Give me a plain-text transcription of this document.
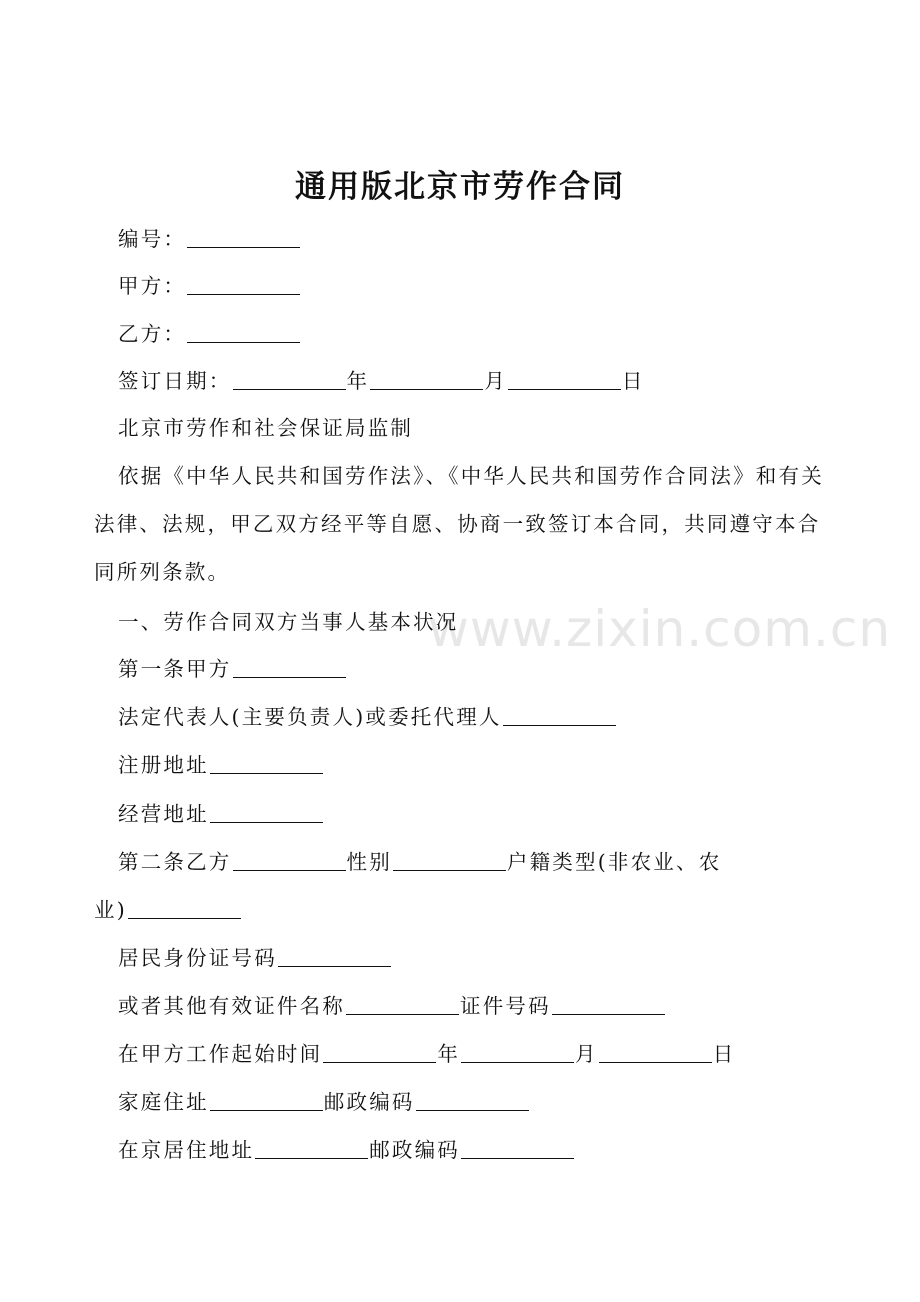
www.zixin.com.cn
通用版北京市劳作合同
编号：
甲方：
乙方：
签订日期：	年	月	日
北京市劳作和社会保证局监制
依据《中华人民共和国劳作法》、《中华人民共和国劳作合同法》和有关法律、法规，甲乙双方经平等自愿、协商一致签订本合同，共同遵守本合同所列条款。
一、劳作合同双方当事人基本状况
第一条甲方
法定代表人(主要负责人)或委托代理人
注册地址
经营地址
第二条乙方	性别	户籍类型(非农业、农
业)
居民身份证号码
或者其他有效证件名称	证件号码
在甲方工作起始时间	年	月	日
家庭住址	邮政编码
在京居住地址	邮政编码
